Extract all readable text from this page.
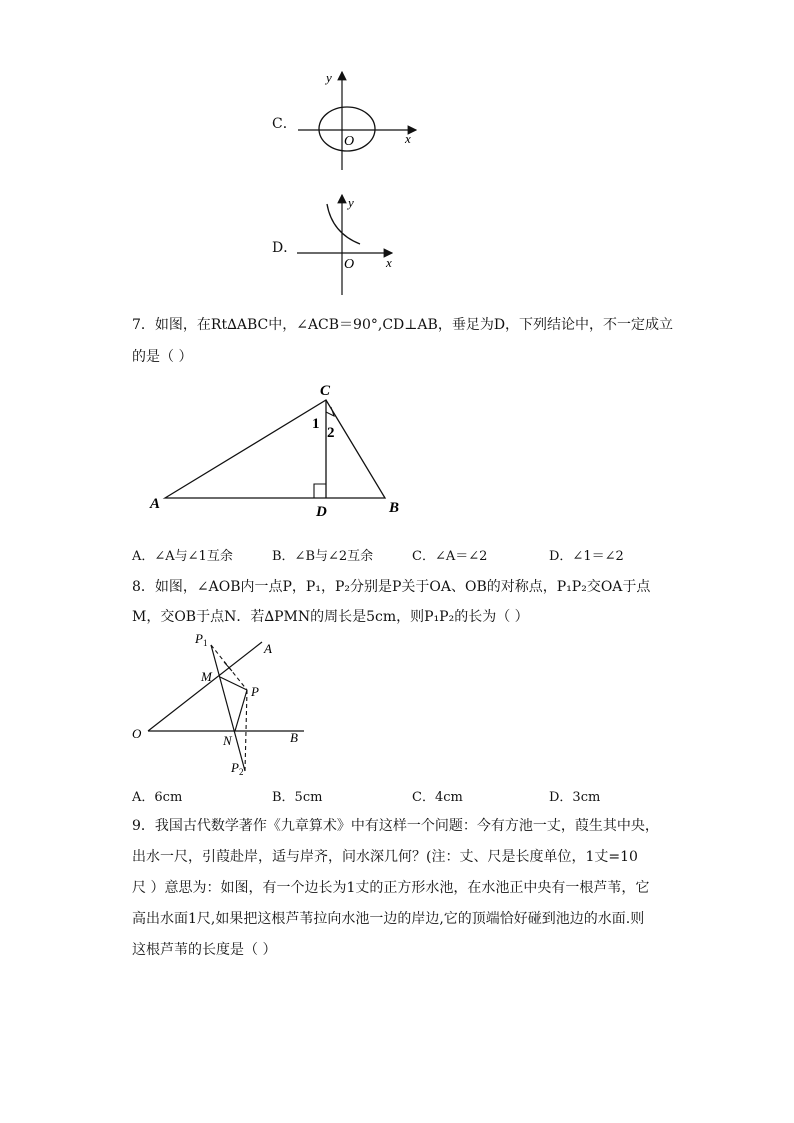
C．
y
x
O
y
x
O
C
A	B
D
1
2
$P_1$	A
M
P
O	N	B
$P_2$
D．
7．如图，在Rt∆ABC中，∠ACB＝90°,CD⊥AB，垂足为D，下列结论中，不一定成立
的是（ ）
A．∠A与∠1互余	B．∠B与∠2互余	C．∠A＝∠2	D．∠1＝∠2
8．如图，∠AOB内一点P，P₁，P₂分别是P关于OA、OB的对称点，P₁P₂交OA于点
M，交OB于点N．若∆PMN的周长是5cm，则P₁P₂的长为（ ）
A．6cm	B．5cm	C．4cm	D．3cm
9．我国古代数学著作《九章算术》中有这样一个问题：今有方池一丈，葭生其中央，
出水一尺，引葭赴岸，适与岸齐，问水深几何？(注：丈、尺是长度单位，1丈=10
尺 ）意思为：如图，有一个边长为1丈的正方形水池，在水池正中央有一根芦苇，它
高出水面1尺,如果把这根芦苇拉向水池一边的岸边,它的顶端恰好碰到池边的水面.则
这根芦苇的长度是（ ）
